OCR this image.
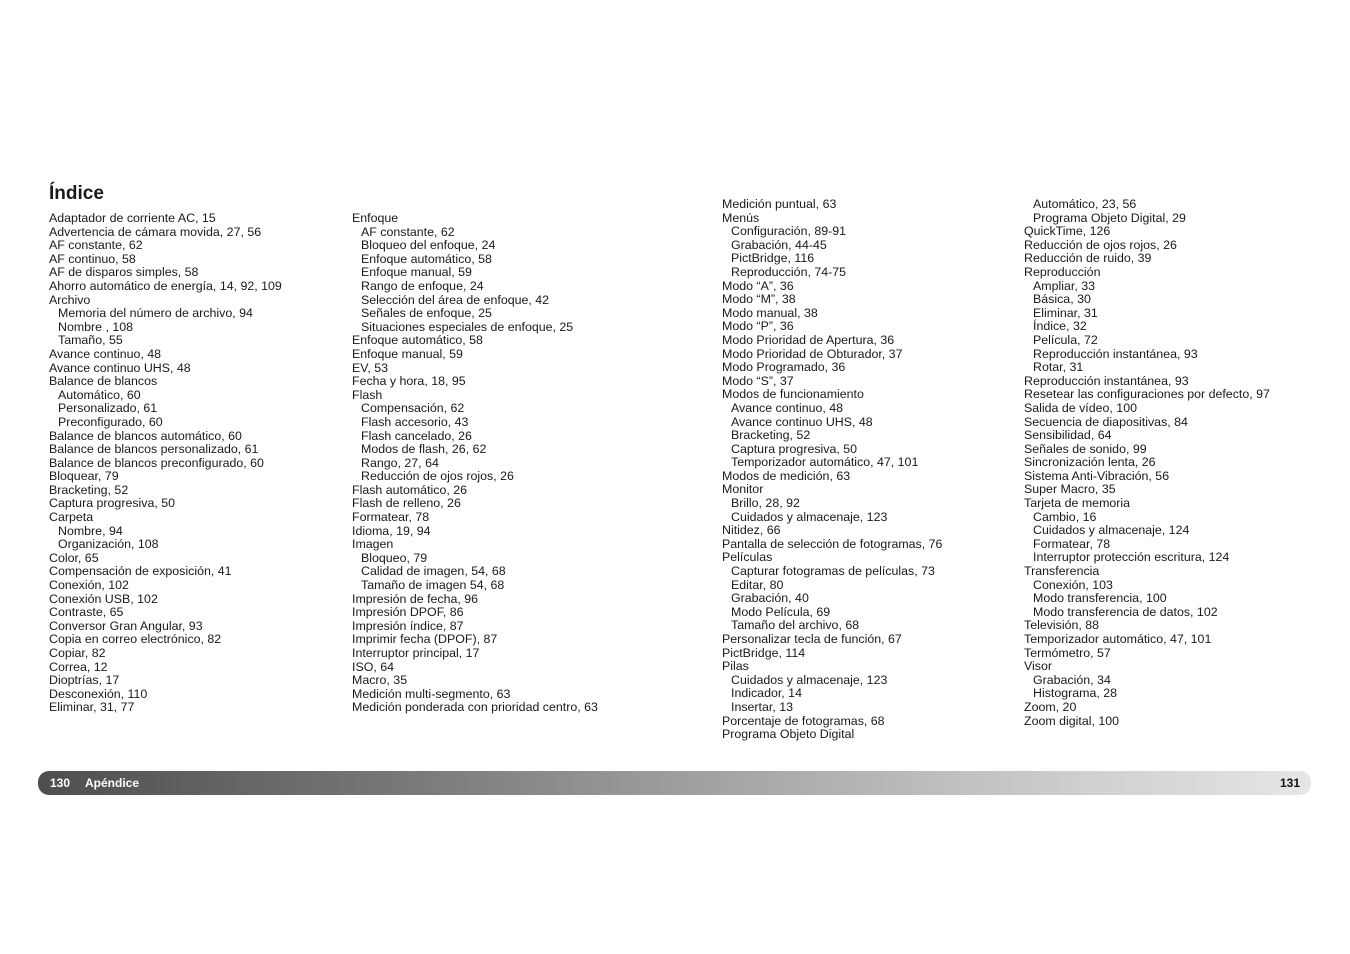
Índice
Adaptador de corriente AC, 15
Advertencia de cámara movida, 27, 56
AF constante, 62
AF continuo, 58
AF de disparos simples, 58
Ahorro automático de energía, 14, 92, 109
Archivo
Memoria del número de archivo, 94
Nombre , 108
Tamaño, 55
Avance continuo, 48
Avance continuo UHS, 48
Balance de blancos
Automático, 60
Personalizado, 61
Preconfigurado, 60
Balance de blancos automático, 60
Balance de blancos personalizado, 61
Balance de blancos preconfigurado, 60
Bloquear, 79
Bracketing, 52
Captura progresiva, 50
Carpeta
Nombre, 94
Organización, 108
Color, 65
Compensación de exposición, 41
Conexión, 102
Conexión USB, 102
Contraste, 65
Conversor Gran Angular, 93
Copia en correo electrónico, 82
Copiar, 82
Correa, 12
Dioptrías, 17
Desconexión, 110
Eliminar, 31, 77
Enfoque
AF constante, 62
Bloqueo del enfoque, 24
Enfoque automático, 58
Enfoque manual, 59
Rango de enfoque, 24
Selección del área de enfoque, 42
Señales de enfoque, 25
Situaciones especiales de enfoque, 25
Enfoque automático, 58
Enfoque manual, 59
EV, 53
Fecha y hora, 18, 95
Flash
Compensación, 62
Flash accesorio, 43
Flash cancelado, 26
Modos de flash, 26, 62
Rango, 27, 64
Reducción de ojos rojos, 26
Flash automático, 26
Flash de relleno, 26
Formatear, 78
Idioma, 19, 94
Imagen
Bloqueo, 79
Calidad de imagen, 54, 68
Tamaño de imagen 54, 68
Impresión de fecha, 96
Impresión DPOF, 86
Impresión índice, 87
Imprimir fecha (DPOF), 87
Interruptor principal, 17
ISO, 64
Macro, 35
Medición multi-segmento, 63
Medición ponderada con prioridad centro, 63
Medición puntual, 63
Menús
Configuración, 89-91
Grabación, 44-45
PictBridge, 116
Reproducción, 74-75
Modo “A”, 36
Modo “M”, 38
Modo manual, 38
Modo “P”, 36
Modo Prioridad de Apertura, 36
Modo Prioridad de Obturador, 37
Modo Programado, 36
Modo “S”, 37
Modos de funcionamiento
Avance continuo, 48
Avance continuo UHS, 48
Bracketing, 52
Captura progresiva, 50
Temporizador automático, 47, 101
Modos de medición, 63
Monitor
Brillo, 28, 92
Cuidados y almacenaje, 123
Nitidez, 66
Pantalla de selección de fotogramas, 76
Películas
Capturar fotogramas de películas, 73
Editar, 80
Grabación, 40
Modo Película, 69
Tamaño del archivo, 68
Personalizar tecla de función, 67
PictBridge, 114
Pilas
Cuidados y almacenaje, 123
Indicador, 14
Insertar, 13
Porcentaje de fotogramas, 68
Programa Objeto Digital
Automático, 23, 56
Programa Objeto Digital, 29
QuickTime, 126
Reducción de ojos rojos, 26
Reducción de ruido, 39
Reproducción
Ampliar, 33
Básica, 30
Eliminar, 31
Índice, 32
Película, 72
Reproducción instantánea, 93
Rotar, 31
Reproducción instantánea, 93
Resetear las configuraciones por defecto, 97
Salida de vídeo, 100
Secuencia de diapositivas, 84
Sensibilidad, 64
Señales de sonido, 99
Sincronización lenta, 26
Sistema Anti-Vibración, 56
Super Macro, 35
Tarjeta de memoria
Cambio, 16
Cuidados y almacenaje, 124
Formatear, 78
Interruptor protección escritura, 124
Transferencia
Conexión, 103
Modo transferencia, 100
Modo transferencia de datos, 102
Televisión, 88
Temporizador automático, 47, 101
Termómetro, 57
Visor
Grabación, 34
Histograma, 28
Zoom, 20
Zoom digital, 100
130 Apéndice	131
